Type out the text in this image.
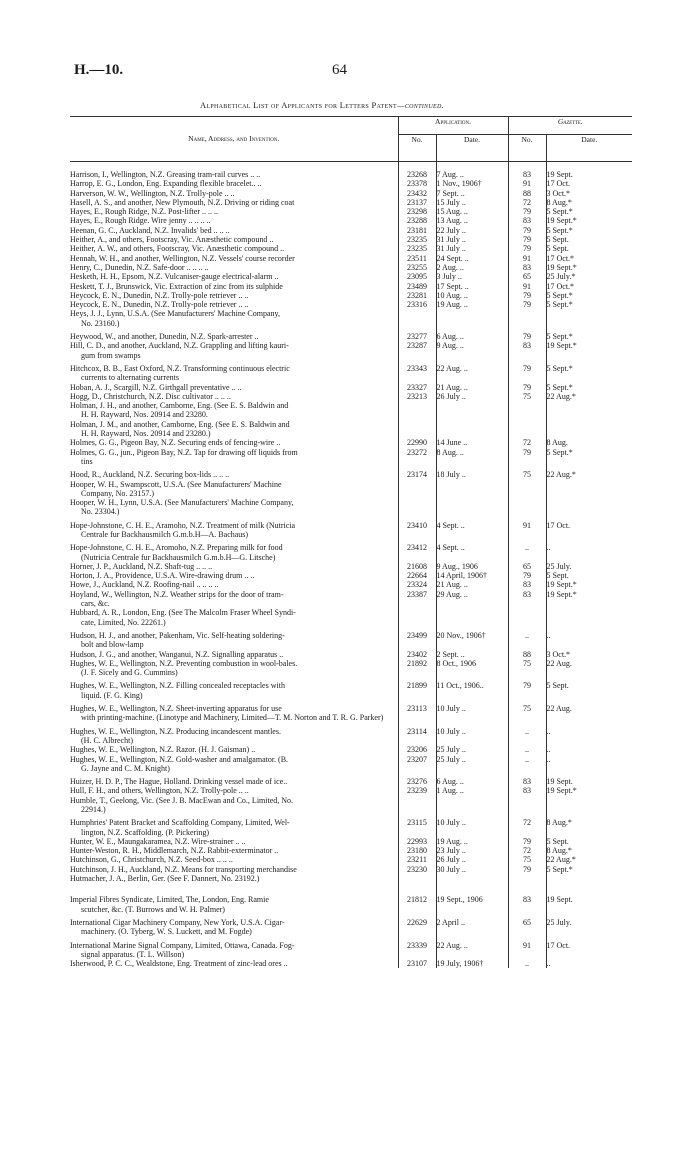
H.—10.	64
Alphabetical List of Applicants for Letters Patent—continued.
Name, Address, and Invention.	Application.		Gazette.	
	No.	Date.	No.	Date.

Harrison, I., Wellington, N.Z. Greasing tram-rail curves .. ..	23268	7 Aug. ..	83	19 Sept.
Harrop, E. G., London, Eng. Expanding flexible bracelet.. ..	23378	1 Nov., 1906†	91	17 Oct.
Harverson, W. W., Wellington, N.Z. Trolly-pole .. ..	23432	7 Sept. ..	88	3 Oct.*
Hasell, A. S., and another, New Plymouth, N.Z. Driving or riding coat	23137	15 July ..	72	8 Aug.*
Hayes, E., Rough Ridge, N.Z. Post-lifter .. .. ..	23298	15 Aug. ..	79	5 Sept.*
Hayes, E., Rough Ridge. Wire jenny .. .. .. ..	23288	13 Aug. ..	83	19 Sept.*
Heenan, G. C., Auckland, N.Z. Invalids' bed .. .. ..	23181	22 July ..	79	5 Sept.*
Heither, A., and others, Footscray, Vic. Anæsthetic compound ..	23235	31 July ..	79	5 Sept.
Heither, A. W., and others, Footscray, Vic. Anæsthetic compound ..	23235	31 July ..	79	5 Sept.
Hennah, W. H., and another, Wellington, N.Z. Vessels' course recorder	23511	24 Sept. ..	91	17 Oct.*
Henry, C., Dunedin, N.Z. Safe-door .. .. .. ..	23255	2 Aug. ..	83	19 Sept.*
Hesketh, H. H., Epsom, N.Z. Vulcaniser-gauge electrical-alarm ..	23095	3 July ..	65	25 July.*
Heskett, T. J., Brunswick, Vic. Extraction of zinc from its sulphide	23489	17 Sept. ..	91	17 Oct.*
Heycock, E. N., Dunedin, N.Z. Trolly-pole retriever .. ..	23281	10 Aug. ..	79	5 Sept.*
Heycock, E. N., Dunedin, N.Z. Trolly-pole retriever .. ..	23316	19 Aug. ..	79	5 Sept.*
Heys, J. J., Lynn, U.S.A. (See Manufacturers' Machine Company,
No. 23160.)				

Heywood, W., and another, Dunedin, N.Z. Spark-arrester ..	23277	6 Aug. ..	79	5 Sept.*
Hill, C. D., and another, Auckland, N.Z. Grappling and lifting kauri-
gum from swamps	23287	9 Aug. ..	83	19 Sept.*
Hitchcox, B. B., East Oxford, N.Z. Transforming continuous electric
currents to alternating currents	23343	22 Aug. ..	79	5 Sept.*
Hoban, A. J., Scargill, N.Z. Girthgall preventative .. ..	23327	21 Aug. ..	79	5 Sept.*
Hogg, D., Christchurch, N.Z. Disc cultivator .. .. ..	23213	26 July ..	75	22 Aug.*
Holman, J. H., and another, Camborne, Eng. (See E. S. Baldwin and
H. H. Rayward, Nos. 20914 and 23280.				

Holman, J. M., and another, Camborne, Eng. (See E. S. Baldwin and
H. H. Rayward, Nos. 20914 and 23280.)				

Holmes, G. G., Pigeon Bay, N.Z. Securing ends of fencing-wire ..	22990	14 June ..	72	8 Aug.
Holmes, G. G., jun., Pigeon Bay, N.Z. Tap for drawing off liquids from
tins	23272	8 Aug. ..	79	5 Sept.*
Hood, R., Auckland, N.Z. Securing box-lids .. .. ..	23174	18 July ..	75	22 Aug.*
Hooper, W. H., Swampscott, U.S.A. (See Manufacturers' Machine
Company, No. 23157.)				

Hooper, W. H., Lynn, U.S.A. (See Manufacturers' Machine Company,
No. 23304.)				

Hope-Johnstone, C. H. E., Aramoho, N.Z. Treatment of milk (Nutricia
Centrale fur Backhausmilch G.m.b.H—A. Bachaus)	23410	4 Sept. ..	91	17 Oct.
Hope-Johnstone, C. H. E., Aromoho, N.Z. Preparing milk for food
(Nutricia Centrale fur Backhausmilch G.m.b.H—G. Litsche)	23412	4 Sept. ..	..	..
Horner, J. P., Auckland, N.Z. Shaft-tug .. .. ..	21608	9 Aug., 1906	65	25 July.
Horton, J. A., Providence, U.S.A. Wire-drawing drum .. ..	22664	14 April, 1906†	79	5 Sept.
Howe, J., Auckland, N.Z. Roofing-nail .. .. .. ..	23324	21 Aug. ..	83	19 Sept.*
Hoyland, W., Wellington, N.Z. Weather strips for the door of tram-
cars, &c.	23387	29 Aug. ..	83	19 Sept.*
Hubbard, A. R., London, Eng. (See The Malcolm Fraser Wheel Syndi-
cate, Limited, No. 22261.)				

Hudson, H. J., and another, Pakenham, Vic. Self-heating soldering-
bolt and blow-lamp	23499	20 Nov., 1906†	..	..
Hudson, J. G., and another, Wanganui, N.Z. Signalling apparatus ..	23402	2 Sept. ..	88	3 Oct.*
Hughes, W. E., Wellington, N.Z. Preventing combustion in wool-bales.
(J. F. Sicely and G. Cummins)	21892	8 Oct., 1906	75	22 Aug.
Hughes, W. E., Wellington, N.Z. Filling concealed receptacles with
liquid. (F. G. King)	21899	11 Oct., 1906..	79	5 Sept.
Hughes, W. E., Wellington, N.Z. Sheet-inverting apparatus for use
with printing-machine. (Linotype and Machinery, Limited—T. M. Norton and T. R. G. Parker)	23113	10 July ..	75	22 Aug.
Hughes, W. E., Wellington, N.Z. Producing incandescent mantles.
(H. C. Albrecht)	23114	10 July ..	..	..
Hughes, W. E., Wellington, N.Z. Razor. (H. J. Gaisman) ..	23206	25 July ..	..	..
Hughes, W. E., Wellington, N.Z. Gold-washer and amalgamator. (B.
G. Jayne and C. M. Knight)	23207	25 July ..	..	..
Huizer, H. D. P., The Hague, Holland. Drinking vessel made of ice..	23276	6 Aug. ..	83	19 Sept.
Hull, F. H., and others, Wellington, N.Z. Trolly-pole .. ..	23239	1 Aug. ..	83	19 Sept.*
Humble, T., Geelong, Vic. (See J. B. MacEwan and Co., Limited, No.
22914.)				

Humphries' Patent Bracket and Scaffolding Company, Limited, Wel-
lington, N.Z. Scaffolding. (P. Pickering)	23115	10 July ..	72	8 Aug.*
Hunter, W. E., Maungakaramea, N.Z. Wire-strainer .. ..	22993	19 Aug. ..	79	5 Sept.
Hunter-Weston, R. H., Middlemarch, N.Z. Rabbit-exterminator ..	23180	23 July ..	72	8 Aug.*
Hutchinson, G., Christchurch, N.Z. Seed-box .. .. ..	23211	26 July ..	75	22 Aug.*
Hutchinson, J. H., Auckland, N.Z. Means for transporting merchandise	23230	30 July ..	79	5 Sept.*
Hutmacher, J. A., Berlin, Ger. (See F. Dannert, No. 23192.)				

Imperial Fibres Syndicate, Limited, The, London, Eng. Ramie
scutcher, &c. (T. Burrows and W. H. Palmer)	21812	19 Sept., 1906	83	19 Sept.
International Cigar Machinery Company, New York, U.S.A. Cigar-
machinery. (O. Tyberg, W. S. Luckett, and M. Fogde)	22629	2 April ..	65	25 July.
International Marine Signal Company, Limited, Ottawa, Canada. Fog-
signal apparatus. (T. L. Willson)	23339	22 Aug. ..	91	17 Oct.
Isherwood, P. C. C., Wealdstone, Eng. Treatment of zinc-lead ores ..	23107	19 July, 1906†	..	..
